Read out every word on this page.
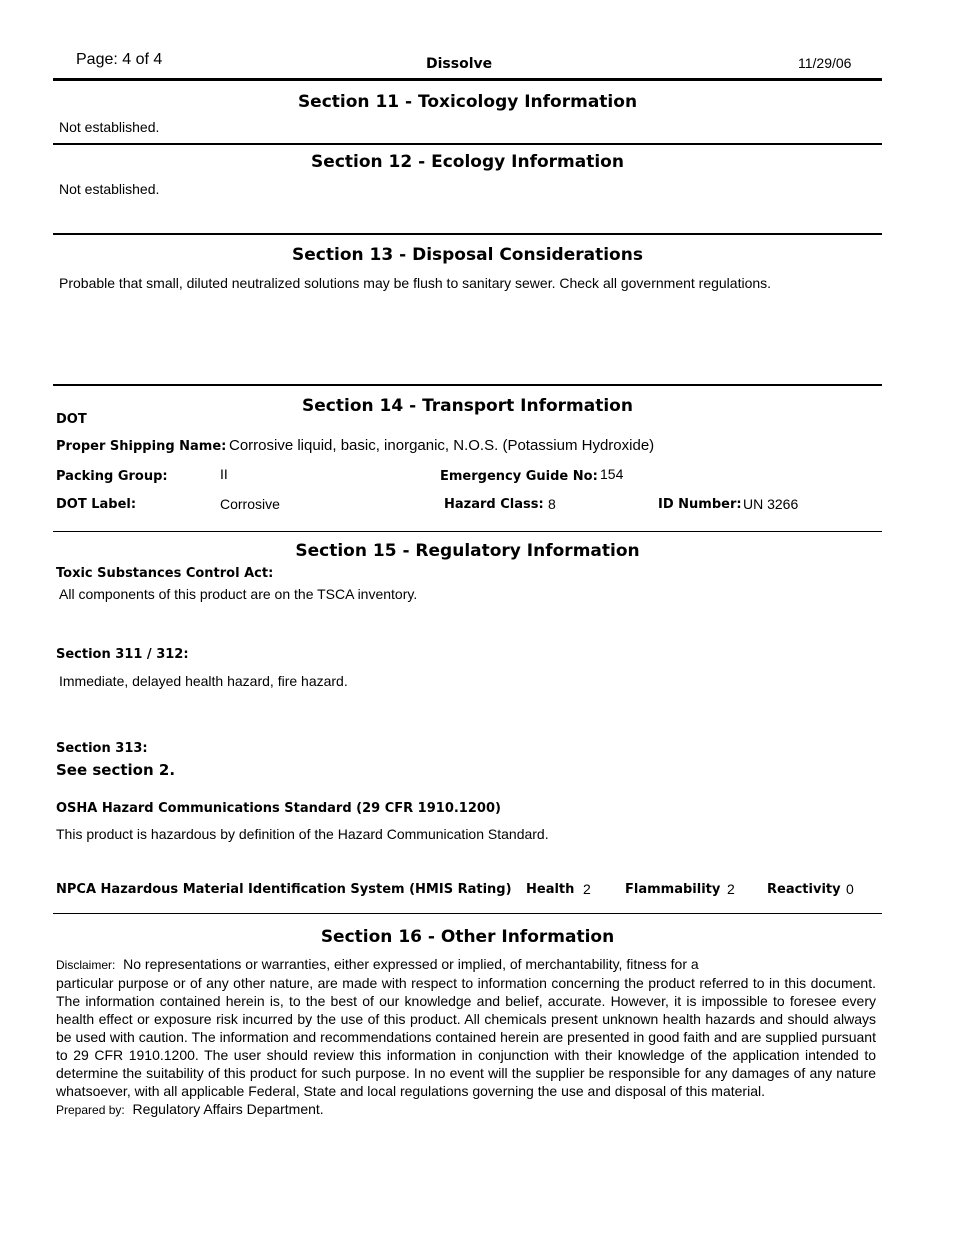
Page: 4 of 4	Dissolve	11/29/06
Section 11 - Toxicology Information
Not established.
Section 12 - Ecology Information
Not established.
Section 13 - Disposal Considerations
Probable that small, diluted neutralized solutions may be flush to sanitary sewer. Check all government regulations.
Section 14 - Transport Information
DOT
Proper Shipping Name: Corrosive liquid, basic, inorganic, N.O.S. (Potassium Hydroxide)
Packing Group:	II	Emergency Guide No: 154
DOT Label:	Corrosive	Hazard Class: 8	ID Number: UN 3266
Section 15 - Regulatory Information
Toxic Substances Control Act:
All components of this product are on the TSCA inventory.
Section 311 / 312:
Immediate, delayed health hazard, fire hazard.
Section 313:
See section 2.
OSHA Hazard Communications Standard (29 CFR 1910.1200)
This product is hazardous by definition of the Hazard Communication Standard.
NPCA Hazardous Material Identification System (HMIS Rating) Health 2	Flammability 2 Reactivity 0
Section 16 - Other Information
Disclaimer: No representations or warranties, either expressed or implied, of merchantability, fitness for a
particular purpose or of any other nature, are made with respect to information concerning the product referred to in this document. The information contained herein is, to the best of our knowledge and belief, accurate. However, it is impossible to foresee every health effect or exposure risk incurred by the use of this product. All chemicals present unknown health hazards and should always be used with caution. The information and recommendations contained herein are presented in good faith and are supplied pursuant to 29 CFR 1910.1200. The user should review this information in conjunction with their knowledge of the application intended to determine the suitability of this product for such purpose. In no event will the supplier be responsible for any damages of any nature whatsoever, with all applicable Federal, State and local regulations governing the use and disposal of this material.
Prepared by: Regulatory Affairs Department.
